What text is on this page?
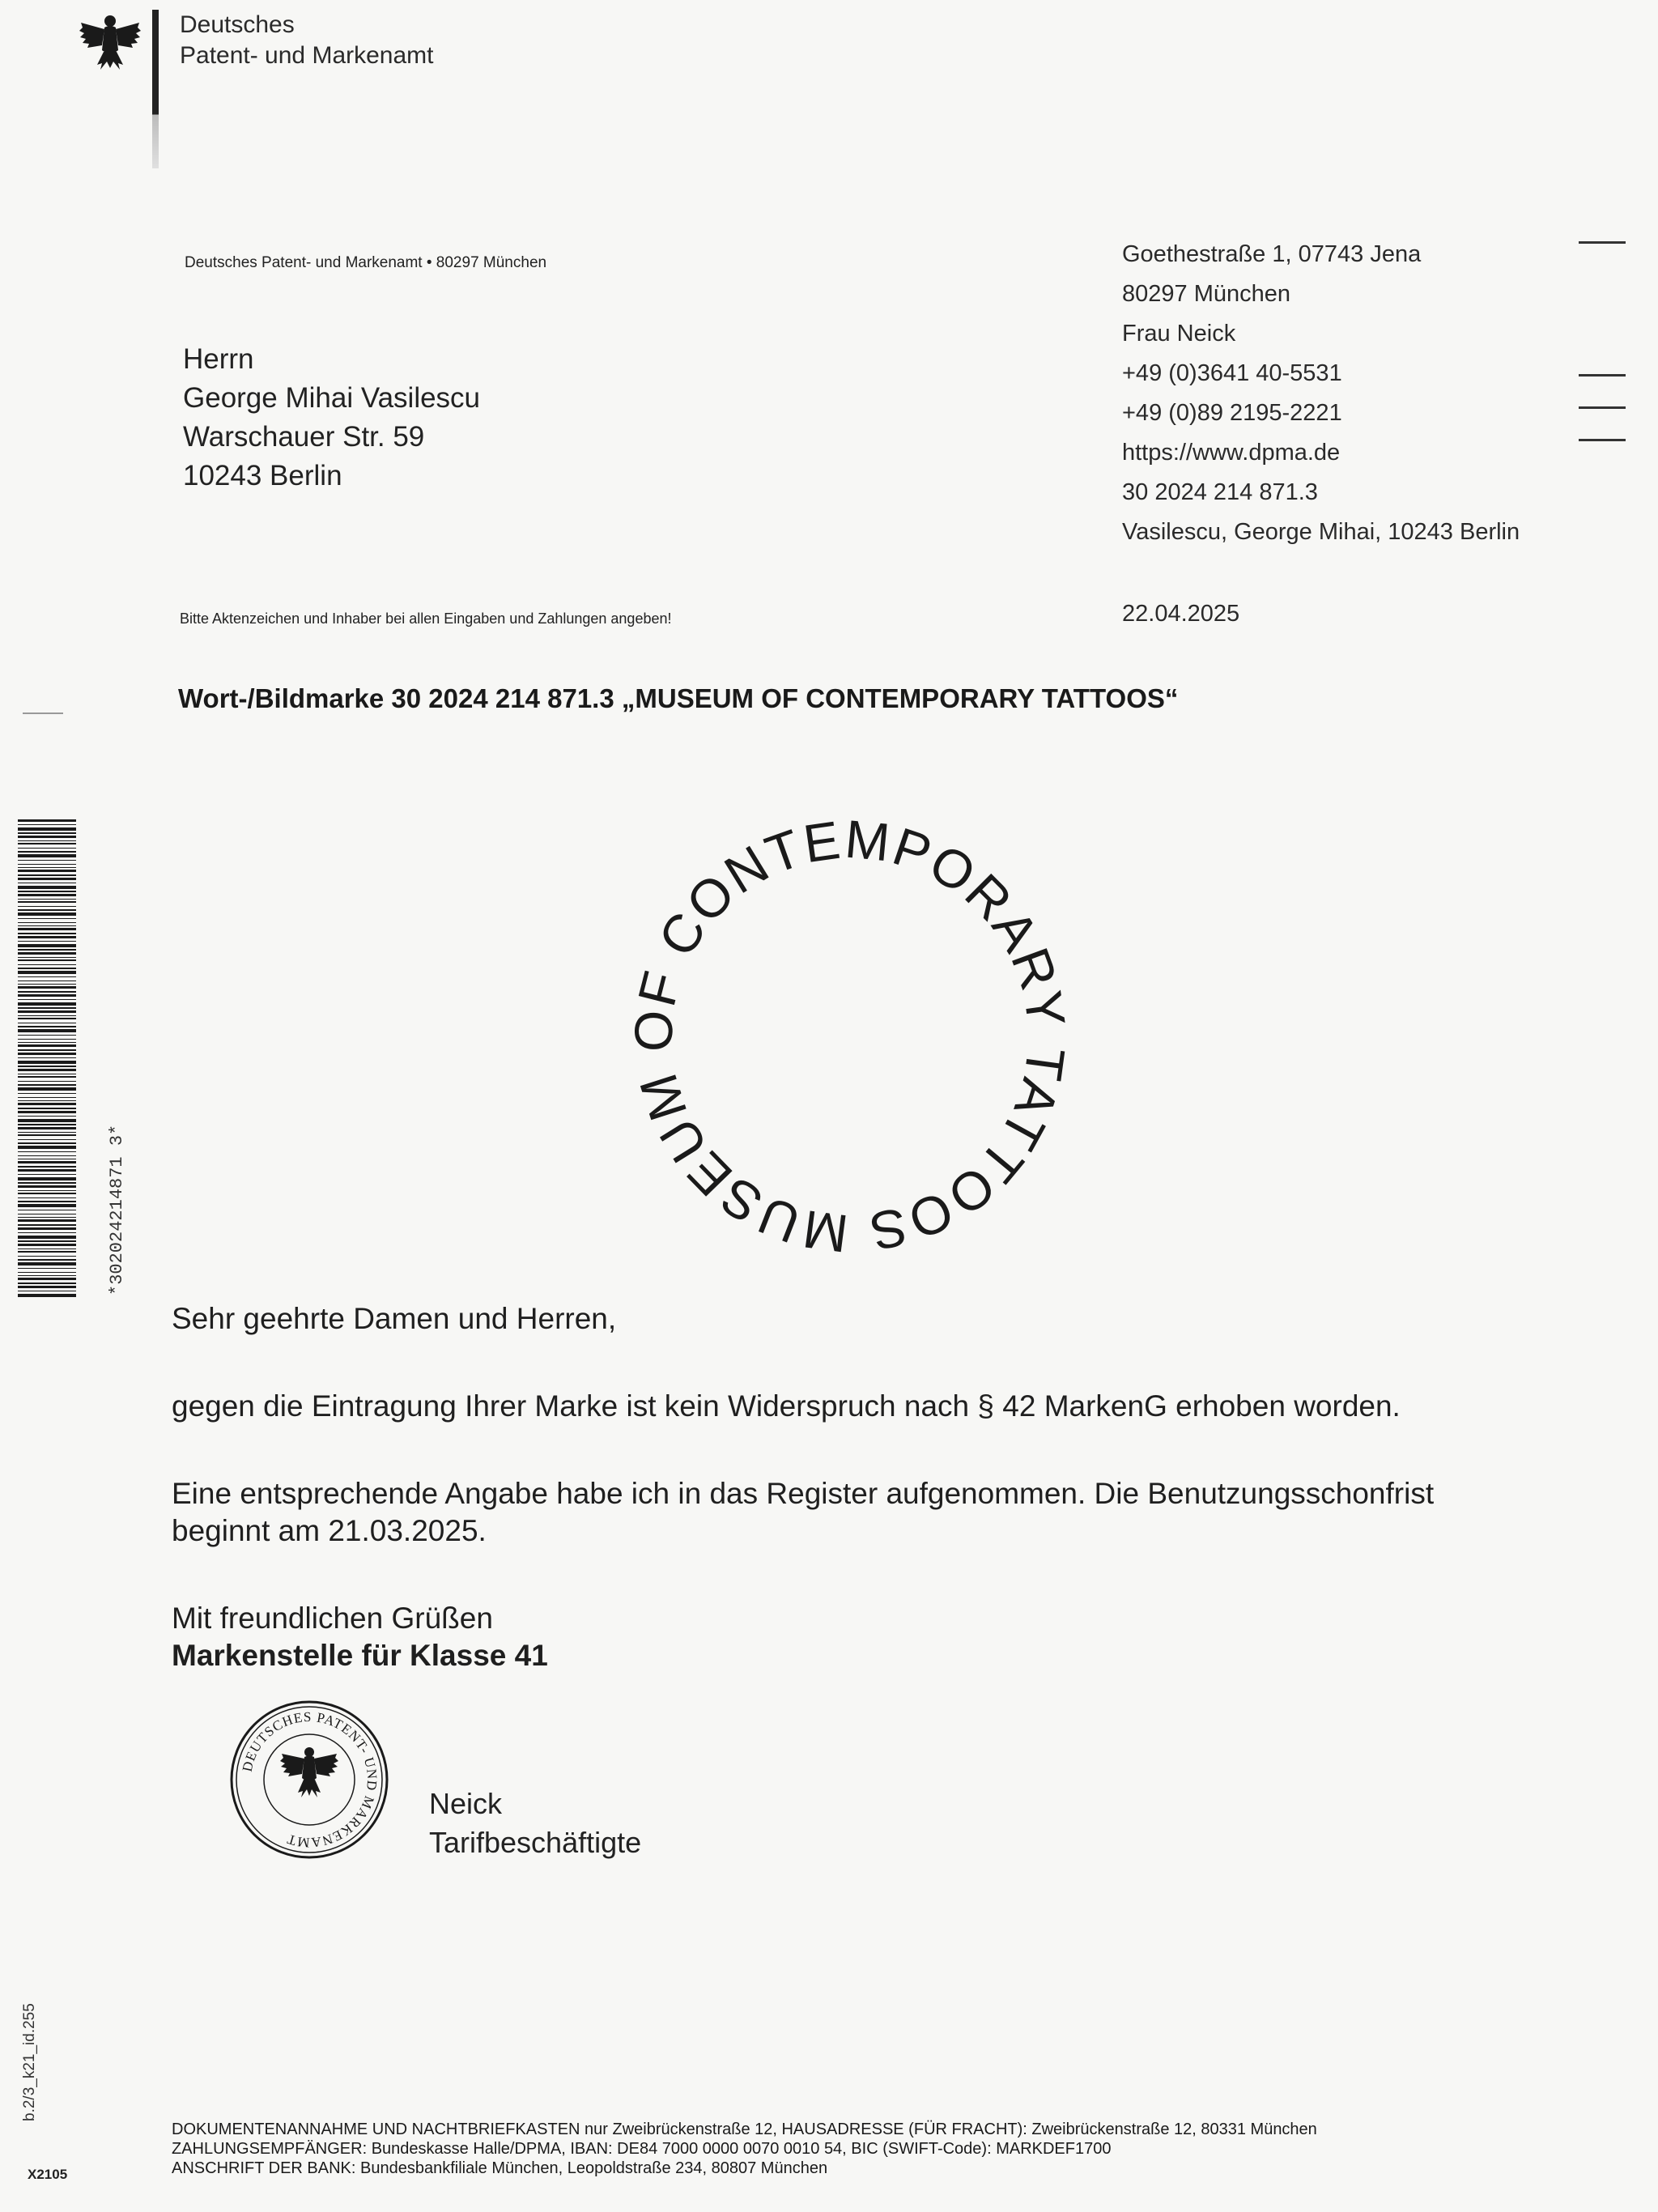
Deutsches
Patent- und Markenamt
Deutsches Patent- und Markenamt • 80297 München
Herrn
George Mihai Vasilescu
Warschauer Str. 59
10243 Berlin
Bitte Aktenzeichen und Inhaber bei allen Eingaben und Zahlungen angeben!
Goethestraße 1, 07743 Jena
80297 München
Frau Neick
+49 (0)3641 40-5531
+49 (0)89 2195-2221
https://www.dpma.de
30 2024 214 871.3
Vasilescu, George Mihai, 10243 Berlin
22.04.2025
Wort-/Bildmarke 30 2024 214 871.3 „MUSEUM OF CONTEMPORARY TATTOOS“
MUSEUM OF CONTEMPORARY TATTOOS
*302024214871 3*
Sehr geehrte Damen und Herren,
gegen die Eintragung Ihrer Marke ist kein Widerspruch nach § 42 MarkenG erhoben worden.
Eine entsprechende Angabe habe ich in das Register aufgenommen. Die Benutzungsschonfrist beginnt am 21.03.2025.
Mit freundlichen Grüßen
Markenstelle für Klasse 41
DEUTSCHES PATENT- UND MARKENAMT
Neick
Tarifbeschäftigte
b.2/3_k21_id.255
X2105
DOKUMENTENANNAHME UND NACHTBRIEFKASTEN nur Zweibrückenstraße 12, HAUSADRESSE (FÜR FRACHT): Zweibrückenstraße 12, 80331 München
ZAHLUNGSEMPFÄNGER: Bundeskasse Halle/DPMA, IBAN: DE84 7000 0000 0070 0010 54, BIC (SWIFT-Code): MARKDEF1700
ANSCHRIFT DER BANK: Bundesbankfiliale München, Leopoldstraße 234, 80807 München
